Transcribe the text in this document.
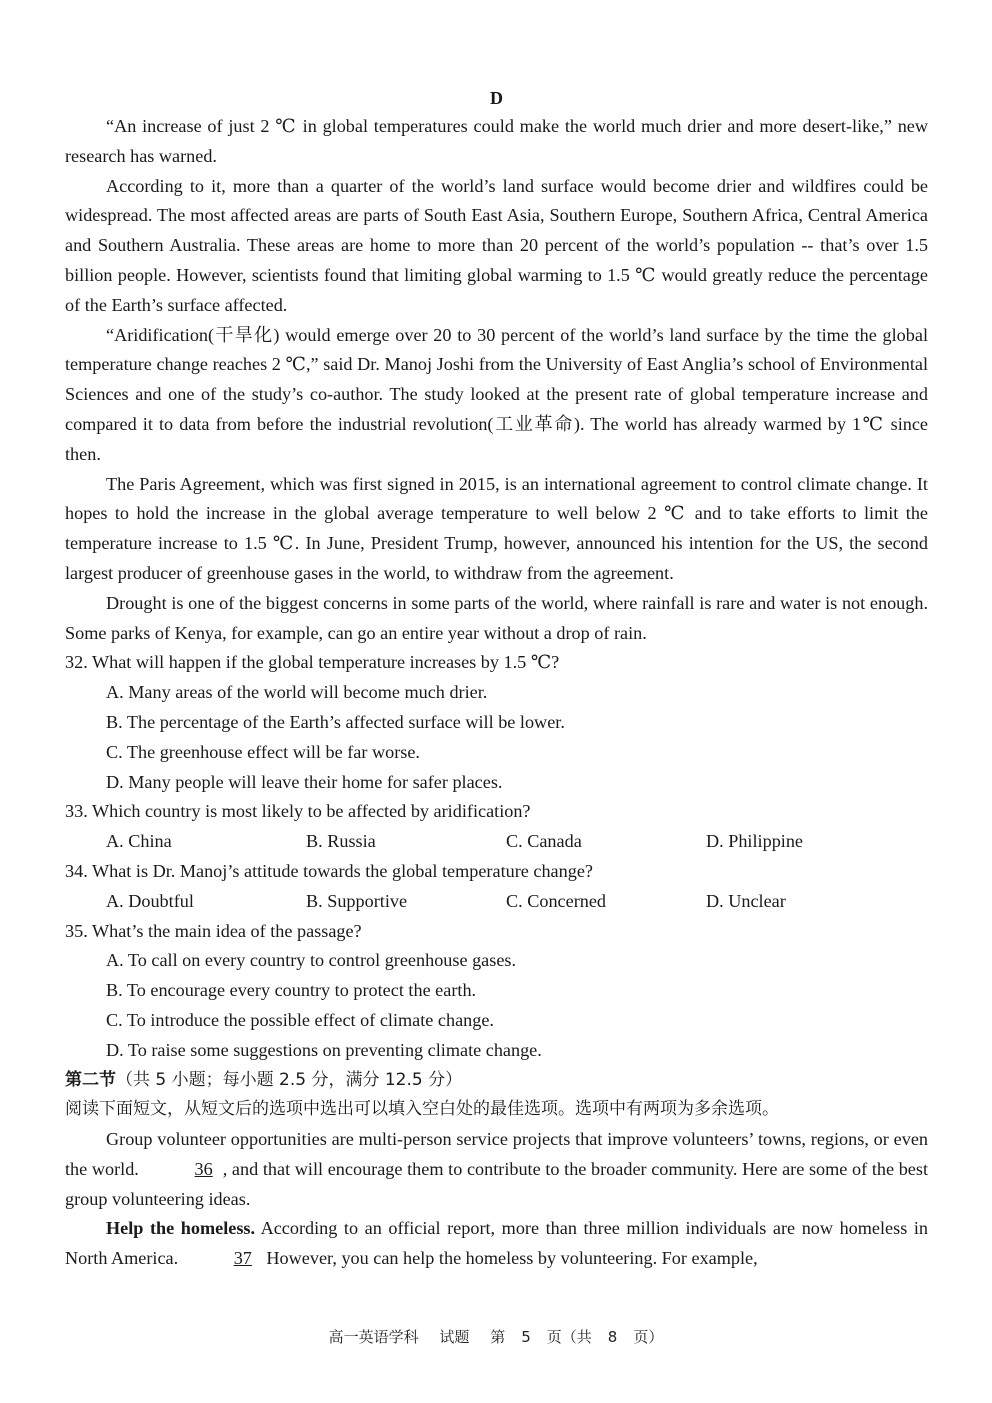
D

“An increase of just 2 ℃ in global temperatures could make the world much drier and more desert-like,” new research has warned.

According to it, more than a quarter of the world’s land surface would become drier and wildfires could be widespread. The most affected areas are parts of South East Asia, Southern Europe, Southern Africa, Central America and Southern Australia. These areas are home to more than 20 percent of the world’s population -- that’s over 1.5 billion people. However, scientists found that limiting global warming to 1.5 ℃ would greatly reduce the percentage of the Earth’s surface affected.

“Aridification(干旱化) would emerge over 20 to 30 percent of the world’s land surface by the time the global temperature change reaches 2 ℃,” said Dr. Manoj Joshi from the University of East Anglia’s school of Environmental Sciences and one of the study’s co-author. The study looked at the present rate of global temperature increase and compared it to data from before the industrial revolution(工业革命). The world has already warmed by 1℃ since then.

The Paris Agreement, which was first signed in 2015, is an international agreement to control climate change. It hopes to hold the increase in the global average temperature to well below 2 ℃ and to take efforts to limit the temperature increase to 1.5 ℃. In June, President Trump, however, announced his intention for the US, the second largest producer of greenhouse gases in the world, to withdraw from the agreement.

Drought is one of the biggest concerns in some parts of the world, where rainfall is rare and water is not enough. Some parks of Kenya, for example, can go an entire year without a drop of rain.

32. What will happen if the global temperature increases by 1.5 ℃?

A. Many areas of the world will become much drier.

B. The percentage of the Earth’s affected surface will be lower.

C. The greenhouse effect will be far worse.

D. Many people will leave their home for safer places.

33. Which country is most likely to be affected by aridification?

A. China	B. Russia	C. Canada	D. Philippine

34. What is Dr. Manoj’s attitude towards the global temperature change?

A. Doubtful	B. Supportive	C. Concerned	D. Unclear

35. What’s the main idea of the passage?

A. To call on every country to control greenhouse gases.

B. To encourage every country to protect the earth.

C. To introduce the possible effect of climate change.

D. To raise some suggestions on preventing climate change.

第二节（共 5 小题；每小题 2.5 分，满分 12.5 分）

阅读下面短文，从短文后的选项中选出可以填入空白处的最佳选项。选项中有两项为多余选项。

Group volunteer opportunities are multi-person service projects that improve volunteers’ towns, regions, or even the world.	36 , and that will encourage them to contribute to the broader community. Here are some of the best group volunteering ideas.

Help the homeless. According to an official report, more than three million individuals are now homeless in North America.	37 However, you can help the homeless by volunteering. For example,

高一英语学科 试题 第 5 页（共 8 页）
